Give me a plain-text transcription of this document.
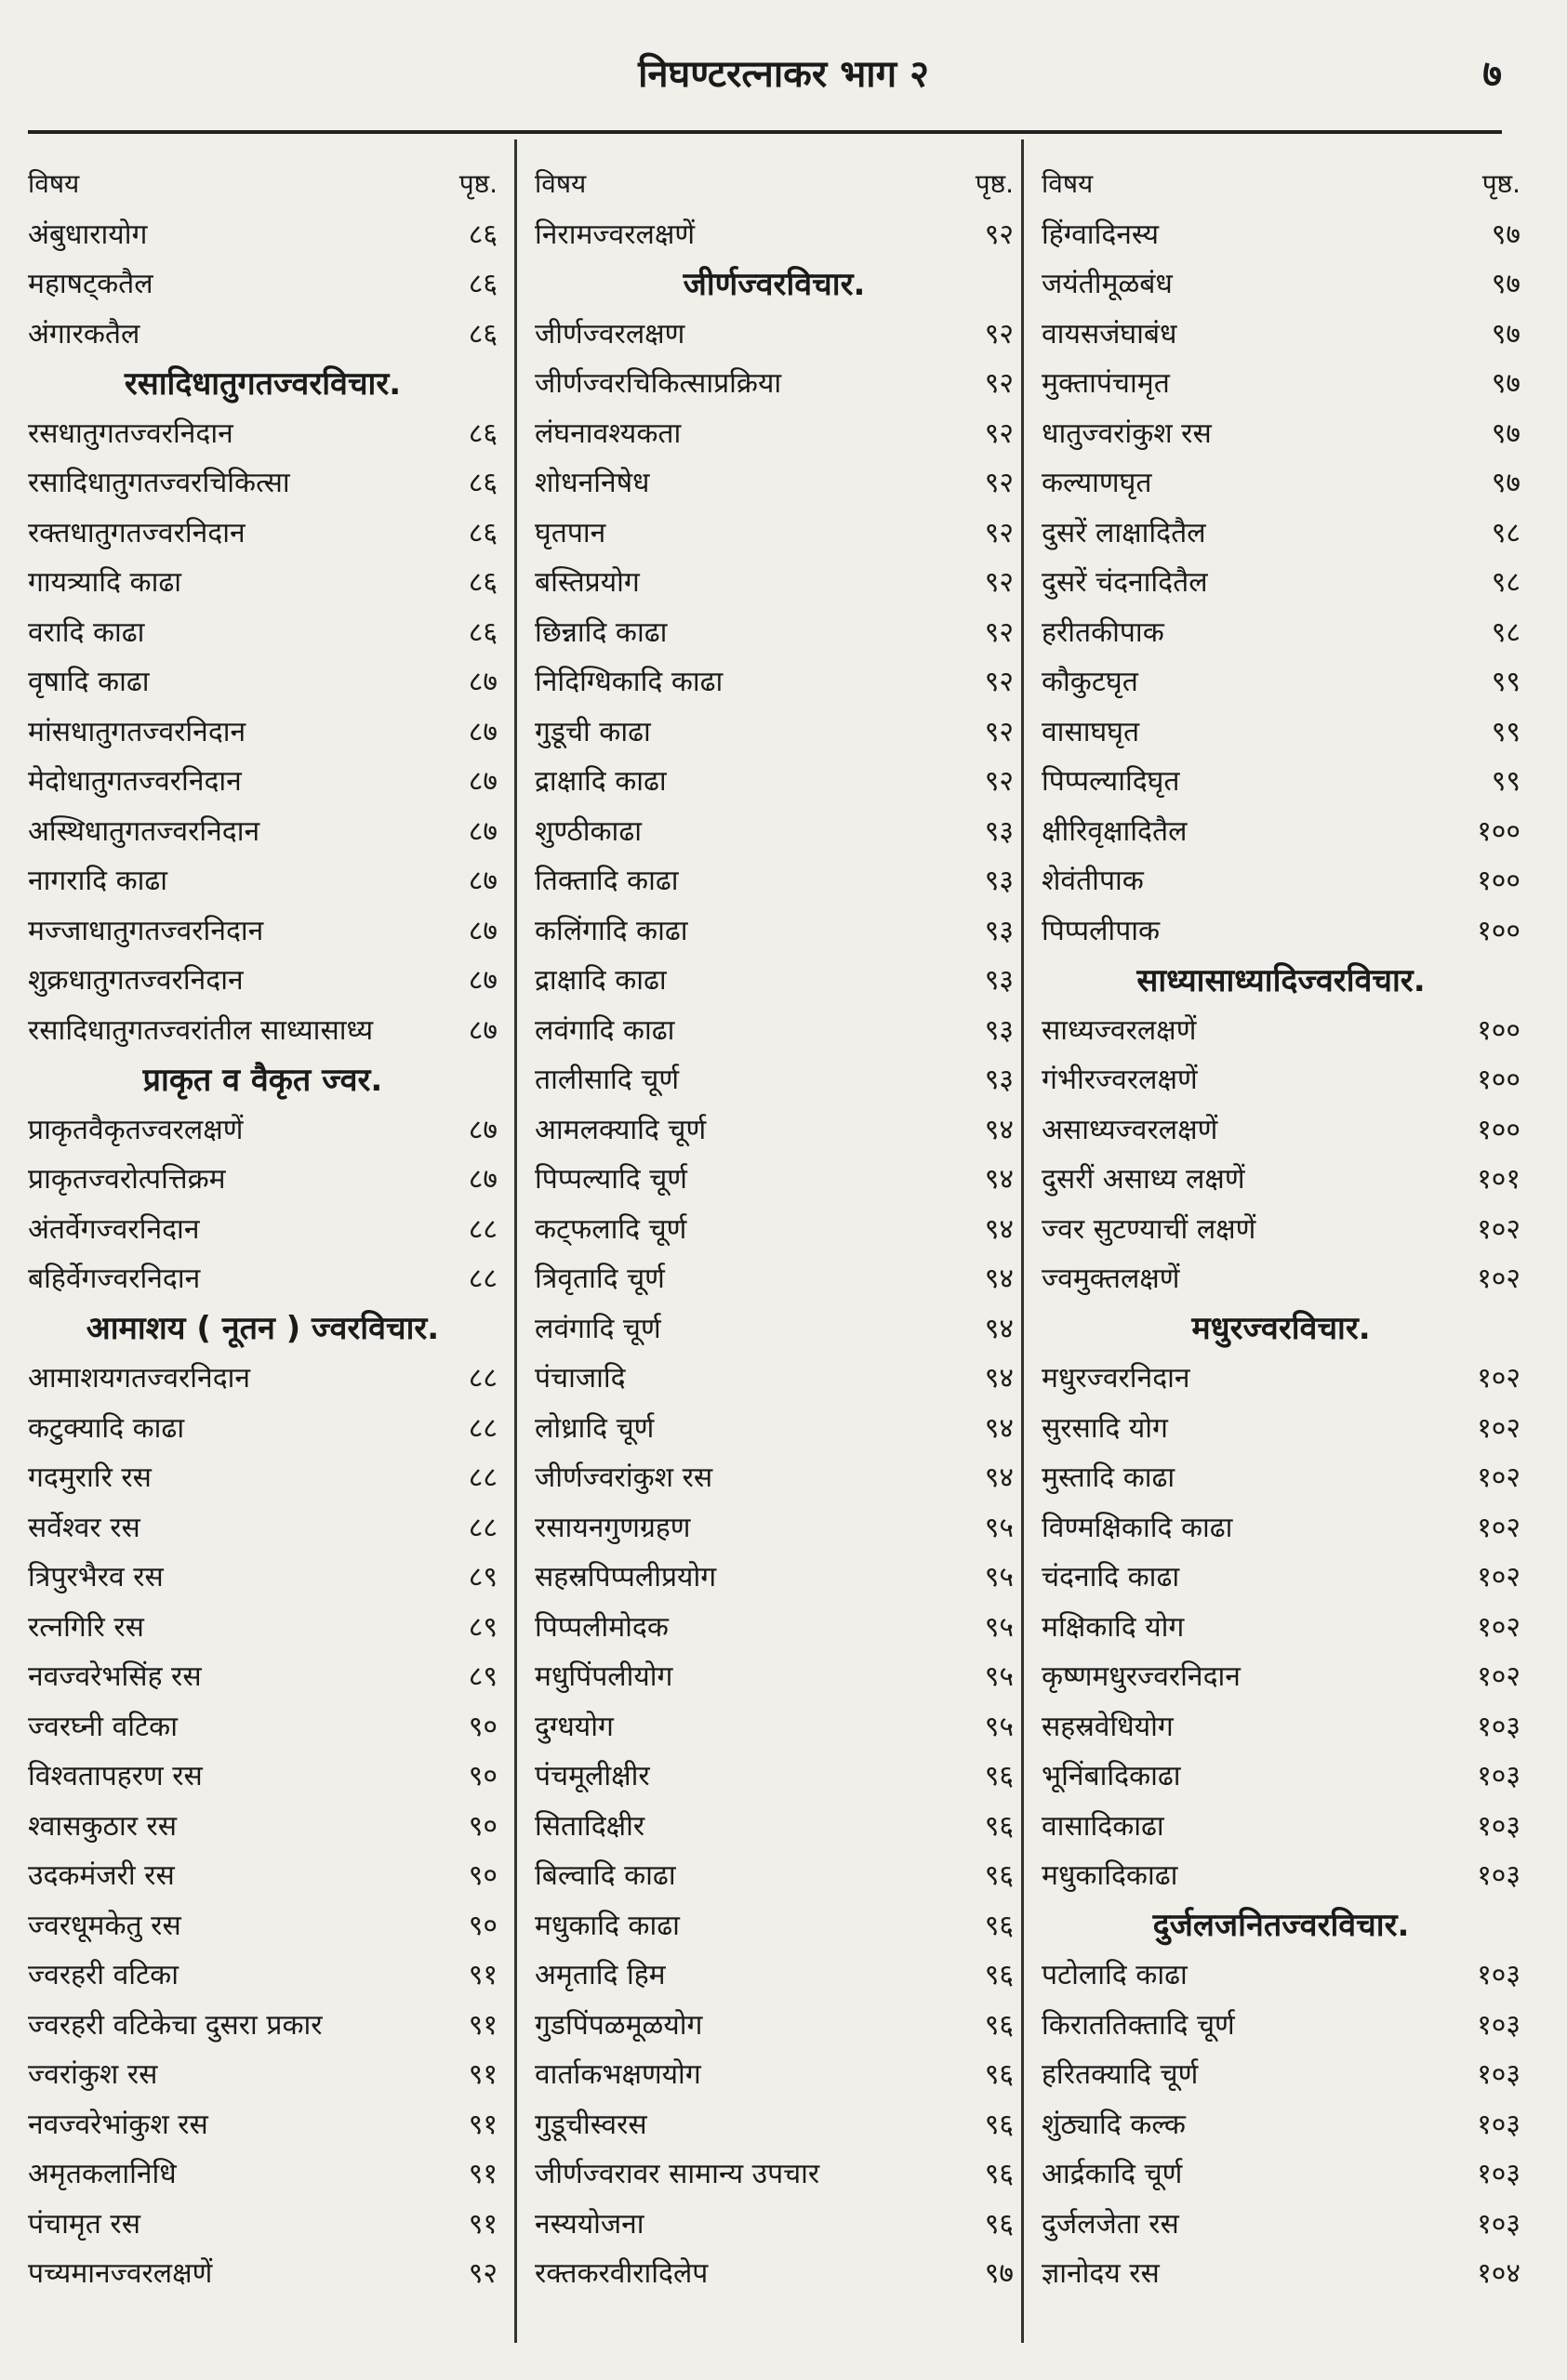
निघण्टरत्नाकर भाग २	७
विषय	पृष्ठ.
अंबुधारायोग	८६
महाषट्‌कतैल	८६
अंगारकतैल	८६
रसादिधातुगतज्वरविचार.
रसधातुगतज्वरनिदान	८६
रसादिधातुगतज्वरचिकित्सा	८६
रक्तधातुगतज्वरनिदान	८६
गायत्र्यादि काढा	८६
वरादि काढा	८६
वृषादि काढा	८७
मांसधातुगतज्वरनिदान	८७
मेदोधातुगतज्वरनिदान	८७
अस्थिधातुगतज्वरनिदान	८७
नागरादि काढा	८७
मज्जाधातुगतज्वरनिदान	८७
शुक्रधातुगतज्वरनिदान	८७
रसादिधातुगतज्वरांतील साध्यासाध्य	८७
प्राकृत व वैकृत ज्वर.
प्राकृतवैकृतज्वरलक्षणें	८७
प्राकृतज्वरोत्पत्तिक्रम	८७
अंतर्वेगज्वरनिदान	८८
बहिर्वेगज्वरनिदान	८८
आमाशय ( नूतन ) ज्वरविचार.
आमाशयगतज्वरनिदान	८८
कटुक्यादि काढा	८८
गदमुरारि रस	८८
सर्वेश्वर रस	८८
त्रिपुरभैरव रस	८९
रत्नगिरि रस	८९
नवज्वरेभसिंह रस	८९
ज्वरघ्नी वटिका	९०
विश्वतापहरण रस	९०
श्वासकुठार रस	९०
उदकमंजरी रस	९०
ज्वरधूमकेतु रस	९०
ज्वरहरी वटिका	९१
ज्वरहरी वटिकेचा दुसरा प्रकार	९१
ज्वरांकुश रस	९१
नवज्वरेभांकुश रस	९१
अमृतकलानिधि	९१
पंचामृत रस	९१
पच्यमानज्वरलक्षणें	९२
विषय	पृष्ठ.
निरामज्वरलक्षणें	९२
जीर्णज्वरविचार.
जीर्णज्वरलक्षण	९२
जीर्णज्वरचिकित्साप्रक्रिया	९२
लंघनावश्यकता	९२
शोधननिषेध	९२
घृतपान	९२
बस्तिप्रयोग	९२
छिन्नादि काढा	९२
निदिग्धिकादि काढा	९२
गुडूची काढा	९२
द्राक्षादि काढा	९२
शुण्ठीकाढा	९३
तिक्तादि काढा	९३
कलिंगादि काढा	९३
द्राक्षादि काढा	९३
लवंगादि काढा	९३
तालीसादि चूर्ण	९३
आमलक्यादि चूर्ण	९४
पिप्पल्यादि चूर्ण	९४
कट्‌फलादि चूर्ण	९४
त्रिवृतादि चूर्ण	९४
लवंगादि चूर्ण	९४
पंचाजादि	९४
लोध्रादि चूर्ण	९४
जीर्णज्वरांकुश रस	९४
रसायनगुणग्रहण	९५
सहस्रपिप्पलीप्रयोग	९५
पिप्पलीमोदक	९५
मधुपिंपलीयोग	९५
दुग्धयोग	९५
पंचमूलीक्षीर	९६
सितादिक्षीर	९६
बिल्वादि काढा	९६
मधुकादि काढा	९६
अमृतादि हिम	९६
गुडपिंपळमूळयोग	९६
वार्ताकभक्षणयोग	९६
गुडूचीस्वरस	९६
जीर्णज्वरावर सामान्य उपचार	९६
नस्ययोजना	९६
रक्तकरवीरादिलेप	९७
विषय	पृष्ठ.
हिंग्वादिनस्य	९७
जयंतीमूळबंध	९७
वायसजंघाबंध	९७
मुक्तापंचामृत	९७
धातुज्वरांकुश रस	९७
कल्याणघृत	९७
दुसरें लाक्षादितैल	९८
दुसरें चंदनादितैल	९८
हरीतकीपाक	९८
कौकुटघृत	९९
वासाघघृत	९९
पिप्पल्यादिघृत	९९
क्षीरिवृक्षादितैल	१००
शेवंतीपाक	१००
पिप्पलीपाक	१००
साध्यासाध्यादिज्वरविचार.
साध्यज्वरलक्षणें	१००
गंभीरज्वरलक्षणें	१००
असाध्यज्वरलक्षणें	१००
दुसरीं असाध्य लक्षणें	१०१
ज्वर सुटण्याचीं लक्षणें	१०२
ज्वमुक्तलक्षणें	१०२
मधुरज्वरविचार.
मधुरज्वरनिदान	१०२
सुरसादि योग	१०२
मुस्तादि काढा	१०२
विण्मक्षिकादि काढा	१०२
चंदनादि काढा	१०२
मक्षिकादि योग	१०२
कृष्णमधुरज्वरनिदान	१०२
सहस्रवेधियोग	१०३
भूनिंबादिकाढा	१०३
वासादिकाढा	१०३
मधुकादिकाढा	१०३
दुर्जलजनितज्वरविचार.
पटोलादि काढा	१०३
किराततिक्तादि चूर्ण	१०३
हरितक्यादि चूर्ण	१०३
शुंठ्यादि कल्क	१०३
आर्द्रकादि चूर्ण	१०३
दुर्जलजेता रस	१०३
ज्ञानोदय रस	१०४
